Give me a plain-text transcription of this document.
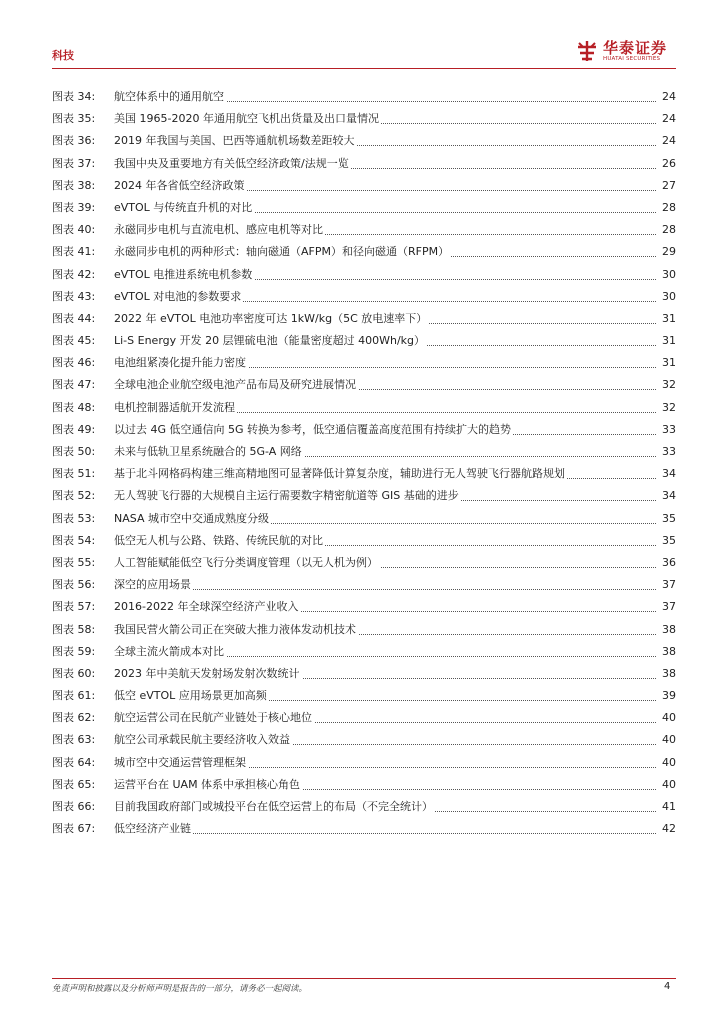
科技	华泰证券
HUATAI SECURITIES
图表 34: 航空体系中的通用航空	24
图表 35: 美国 1965-2020 年通用航空飞机出货量及出口量情况	24
图表 36: 2019 年我国与美国、巴西等通航机场数差距较大	24
图表 37: 我国中央及重要地方有关低空经济政策/法规一览	26
图表 38: 2024 年各省低空经济政策	27
图表 39: eVTOL 与传统直升机的对比	28
图表 40: 永磁同步电机与直流电机、感应电机等对比	28
图表 41: 永磁同步电机的两种形式：轴向磁通（AFPM）和径向磁通（RFPM）	29
图表 42: eVTOL 电推进系统电机参数	30
图表 43: eVTOL 对电池的参数要求	30
图表 44: 2022 年 eVTOL 电池功率密度可达 1kW/kg（5C 放电速率下）	31
图表 45: Li-S Energy 开发 20 层锂硫电池（能量密度超过 400Wh/kg）	31
图表 46: 电池组紧凑化提升能力密度	31
图表 47: 全球电池企业航空级电池产品布局及研究进展情况	32
图表 48: 电机控制器适航开发流程	32
图表 49: 以过去 4G 低空通信向 5G 转换为参考，低空通信覆盖高度范围有持续扩大的趋势	33
图表 50: 未来与低轨卫星系统融合的 5G-A 网络	33
图表 51: 基于北斗网格码构建三维高精地图可显著降低计算复杂度，辅助进行无人驾驶飞行器航路规划	34
图表 52: 无人驾驶飞行器的大规模自主运行需要数字精密航道等 GIS 基础的进步	34
图表 53: NASA 城市空中交通成熟度分级	35
图表 54: 低空无人机与公路、铁路、传统民航的对比	35
图表 55: 人工智能赋能低空飞行分类调度管理（以无人机为例）	36
图表 56: 深空的应用场景	37
图表 57: 2016-2022 年全球深空经济产业收入	37
图表 58: 我国民营火箭公司正在突破大推力液体发动机技术	38
图表 59: 全球主流火箭成本对比	38
图表 60: 2023 年中美航天发射场发射次数统计	38
图表 61: 低空 eVTOL 应用场景更加高频	39
图表 62: 航空运营公司在民航产业链处于核心地位	40
图表 63: 航空公司承载民航主要经济收入效益	40
图表 64: 城市空中交通运营管理框架	40
图表 65: 运营平台在 UAM 体系中承担核心角色	40
图表 66: 目前我国政府部门或城投平台在低空运营上的布局（不完全统计）	41
图表 67: 低空经济产业链	42
免责声明和披露以及分析师声明是报告的一部分，请务必一起阅读。	4
